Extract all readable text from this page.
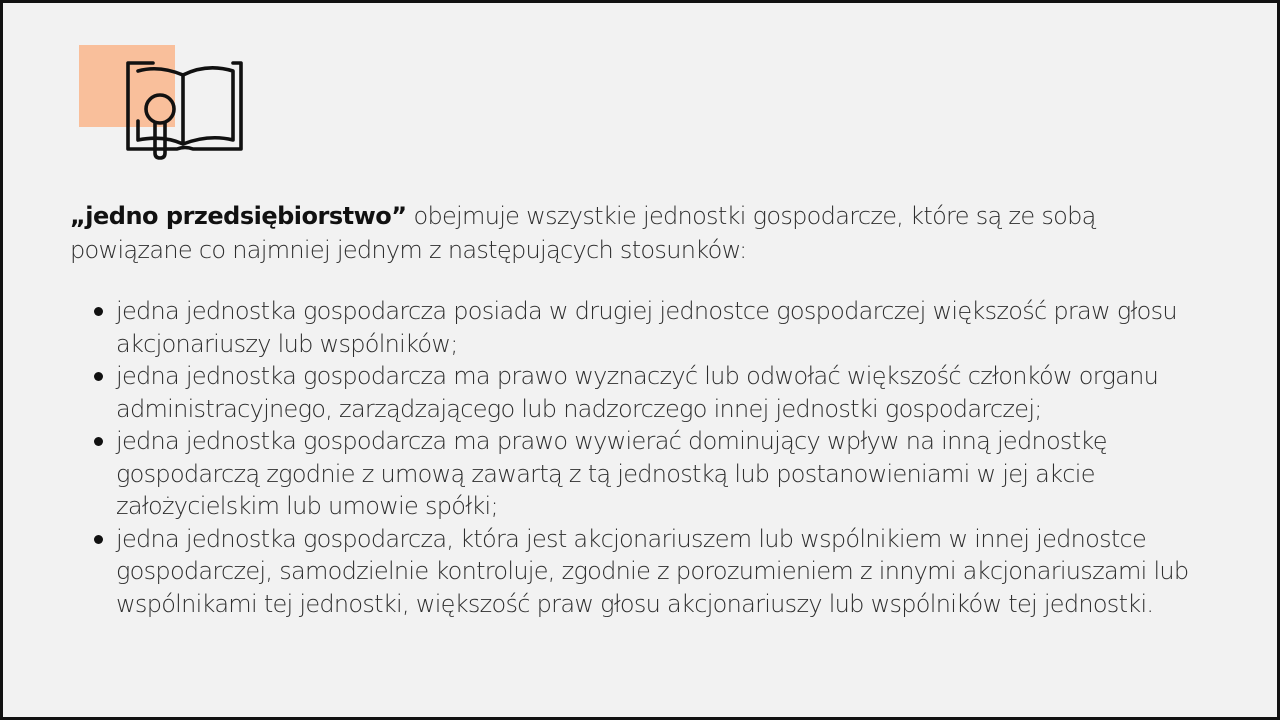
„jedno przedsiębiorstwo” obejmuje wszystkie jednostki gospodarcze, które są ze sobą powiązane co najmniej jednym z następujących stosunków:

jedna jednostka gospodarcza posiada w drugiej jednostce gospodarczej większość praw głosu akcjonariuszy lub wspólników;
jedna jednostka gospodarcza ma prawo wyznaczyć lub odwołać większość członków organu administracyjnego, zarządzającego lub nadzorczego innej jednostki gospodarczej;
jedna jednostka gospodarcza ma prawo wywierać dominujący wpływ na inną jednostkę gospodarczą zgodnie z umową zawartą z tą jednostką lub postanowieniami w jej akcie założycielskim lub umowie spółki;
jedna jednostka gospodarcza, która jest akcjonariuszem lub wspólnikiem w innej jednostce gospodarczej, samodzielnie kontroluje, zgodnie z porozumieniem z innymi akcjonariuszami lub wspólnikami tej jednostki, większość praw głosu akcjonariuszy lub wspólników tej jednostki.
